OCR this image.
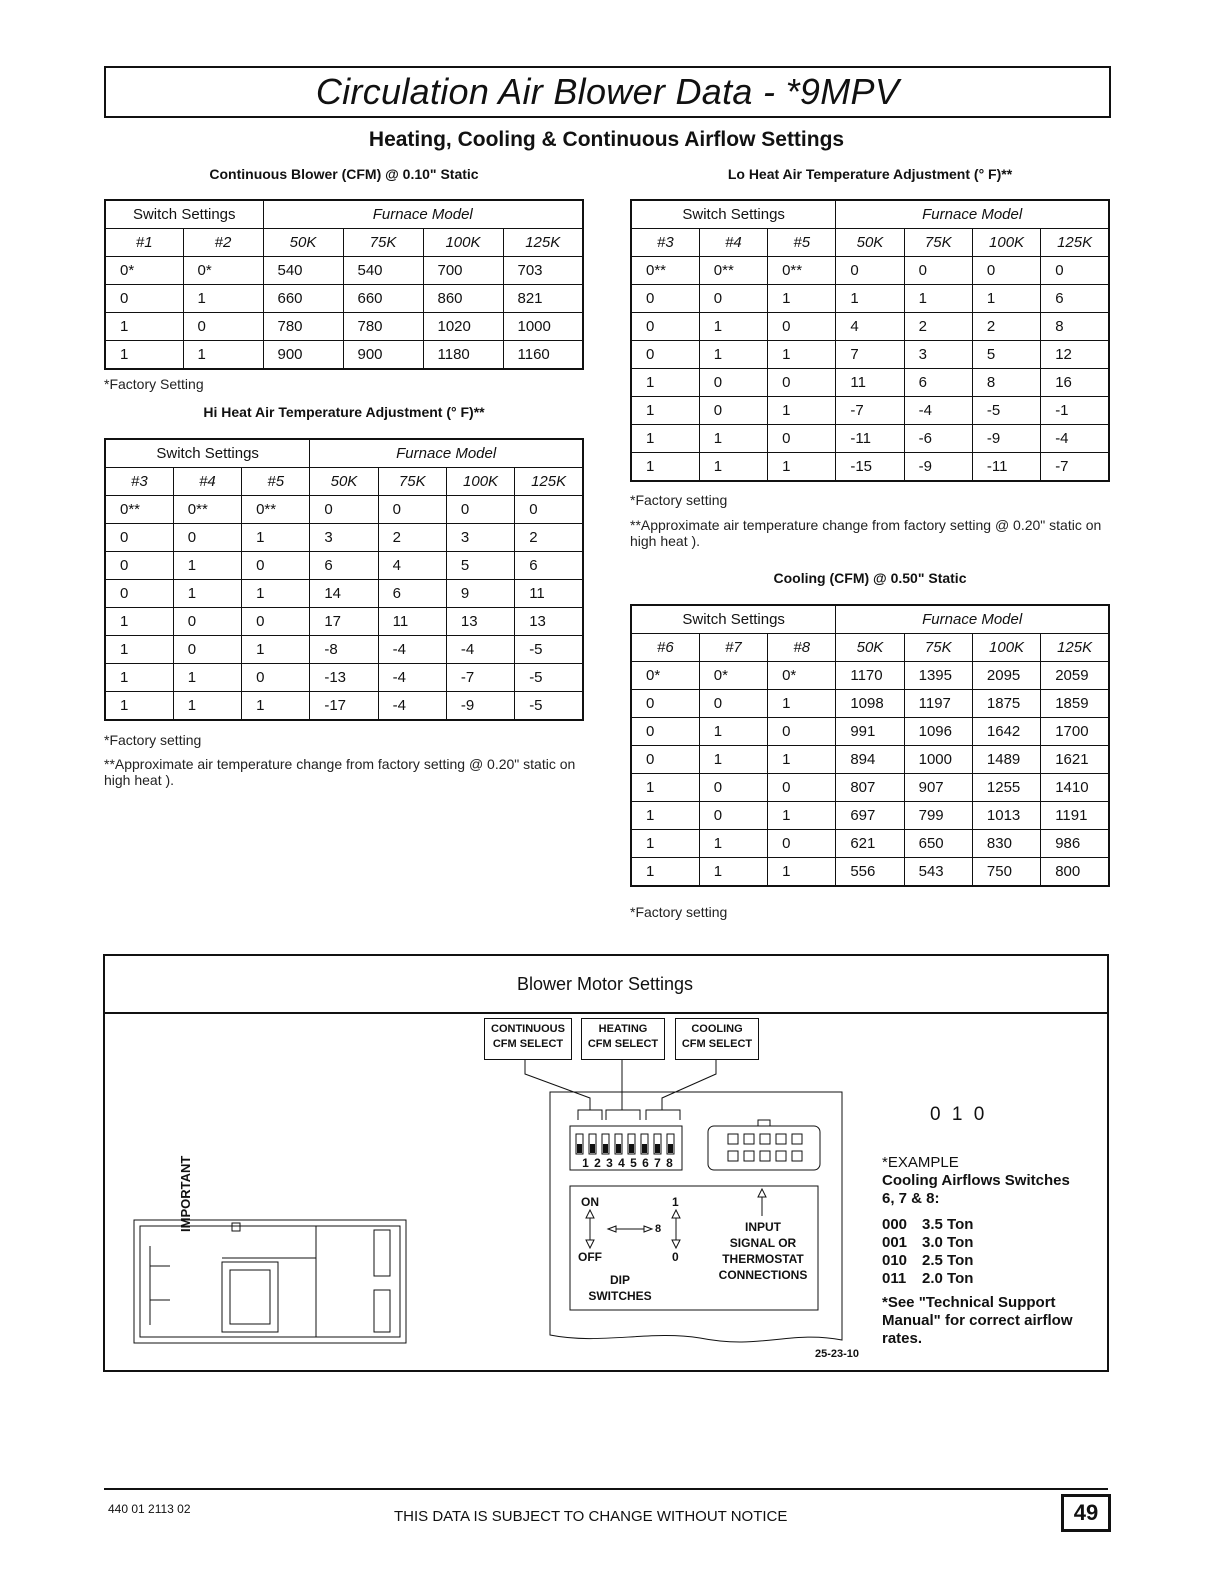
Circulation Air Blower Data - *9MPV
Heating, Cooling & Continuous Airflow Settings
Continuous Blower (CFM) @ 0.10" Static	Lo Heat Air Temperature Adjustment (° F)**
Switch Settings		Furnace Model			
#1	#2	50K	75K	100K	125K
0*	0*	540	540	700	703
0	1	660	660	860	821
1	0	780	780	1020	1000
1	1	900	900	1180	1160
*Factory Setting
Hi Heat Air Temperature Adjustment (° F)**
Switch Settings			Furnace Model			
#3	#4	#5	50K	75K	100K	125K
0**	0**	0**	0	0	0	0
0	0	1	3	2	3	2
0	1	0	6	4	5	6
0	1	1	14	6	9	11
1	0	0	17	11	13	13
1	0	1	-8	-4	-4	-5
1	1	0	-13	-4	-7	-5
1	1	1	-17	-4	-9	-5
*Factory setting
**Approximate air temperature change from factory setting @ 0.20" static on high heat ).
Switch Settings			Furnace Model			
#3	#4	#5	50K	75K	100K	125K
0**	0**	0**	0	0	0	0
0	0	1	1	1	1	6
0	1	0	4	2	2	8
0	1	1	7	3	5	12
1	0	0	11	6	8	16
1	0	1	-7	-4	-5	-1
1	1	0	-11	-6	-9	-4
1	1	1	-15	-9	-11	-7
*Factory setting
**Approximate air temperature change from factory setting @ 0.20" static on high heat ).
Cooling (CFM) @ 0.50" Static
Switch Settings			Furnace Model			
#6	#7	#8	50K	75K	100K	125K
0*	0*	0*	1170	1395	2095	2059
0	0	1	1098	1197	1875	1859
0	1	0	991	1096	1642	1700
0	1	1	894	1000	1489	1621
1	0	0	807	907	1255	1410
1	0	1	697	799	1013	1191
1	1	0	621	650	830	986
1	1	1	556	543	750	800
*Factory setting
Blower Motor Settings
CONTINUOUS
CFM SELECT
HEATING
CFM SELECT
COOLING
CFM SELECT
1 2 3 4 5 6 7 8
ON
OFF
1
0
8
DIP
SWITCHES
INPUT
SIGNAL OR
THERMOSTAT
CONNECTIONS
IMPORTANT
0 1 0
*EXAMPLE
Cooling Airflows Switches
6, 7 & 8:
000 3.5 Ton
001 3.0 Ton
010 2.5 Ton
011 2.0 Ton
*See "Technical Support
Manual" for correct airflow
rates.
25-23-10
440 01 2113 02	THIS DATA IS SUBJECT TO CHANGE WITHOUT NOTICE	49
